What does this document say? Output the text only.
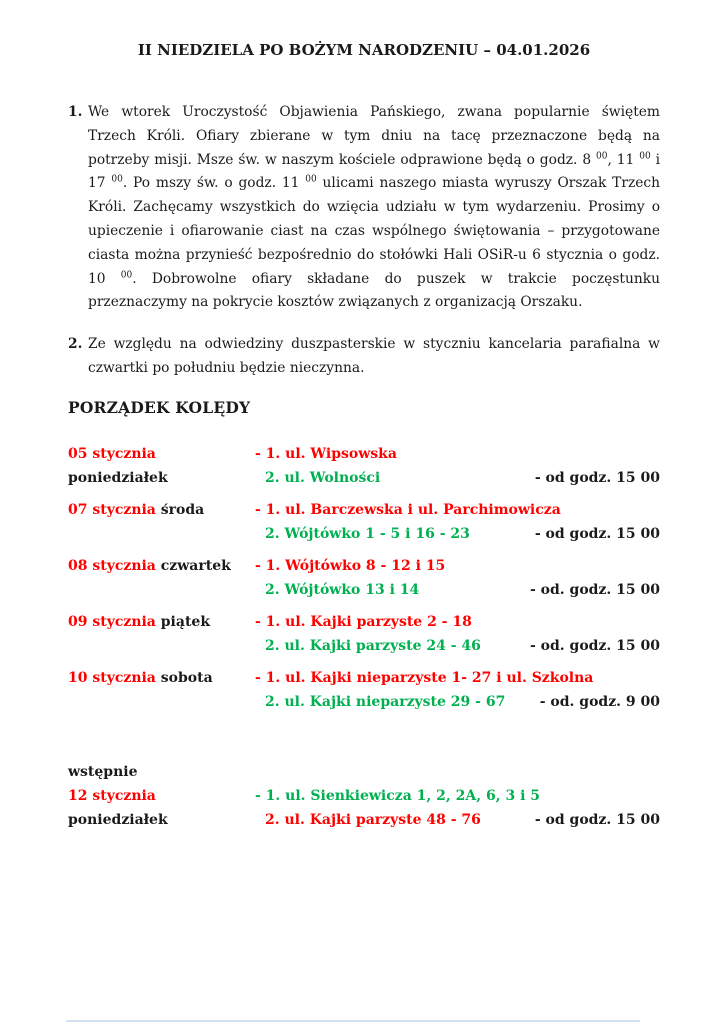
II NIEDZIELA PO BOŻYM NARODZENIU – 04.01.2026
1. We wtorek Uroczystość Objawienia Pańskiego, zwana popularnie świętem
Trzech Króli. Ofiary zbierane w tym dniu na tacę przeznaczone będą na
potrzeby misji. Msze św. w naszym kościele odprawione będą o godz. 8 $^{00}$, 11 $^{00}$ i
17 $^{00}$. Po mszy św. o godz. 11 $^{00}$ ulicami naszego miasta wyruszy Orszak Trzech
Króli. Zachęcamy wszystkich do wzięcia udziału w tym wydarzeniu. Prosimy o
upieczenie i ofiarowanie ciast na czas wspólnego świętowania – przygotowane
ciasta można przynieść bezpośrednio do stołówki Hali OSiR-u 6 stycznia o godz.
10 $^{00}$. Dobrowolne ofiary składane do puszek w trakcie poczęstunku
przeznaczymy na pokrycie kosztów związanych z organizacją Orszaku.
2. Ze względu na odwiedziny duszpasterskie w styczniu kancelaria parafialna w
czwartki po południu będzie nieczynna.
PORZĄDEK KOLĘDY
05 stycznia poniedziałek
- 1. ul. Wipsowska
2. ul. Wolności	- od godz. 15 00
07 stycznia środa	- 1. ul. Barczewska i ul. Parchimowicza
2. Wójtówko 1 - 5 i 16 - 23	- od godz. 15 00
08 stycznia czwartek	- 1. Wójtówko 8 - 12 i 15
2. Wójtówko 13 i 14	- od. godz. 15 00
09 stycznia piątek	- 1. ul. Kajki parzyste 2 - 18
2. ul. Kajki parzyste 24 - 46	- od. godz. 15 00
10 stycznia sobota	- 1. ul. Kajki nieparzyste 1- 27 i ul. Szkolna
2. ul. Kajki nieparzyste 29 - 67	- od. godz. 9 00
wstępnie
12 stycznia poniedziałek
- 1. ul. Sienkiewicza 1, 2, 2A, 6, 3 i 5
2. ul. Kajki parzyste 48 - 76	- od godz. 15 00
